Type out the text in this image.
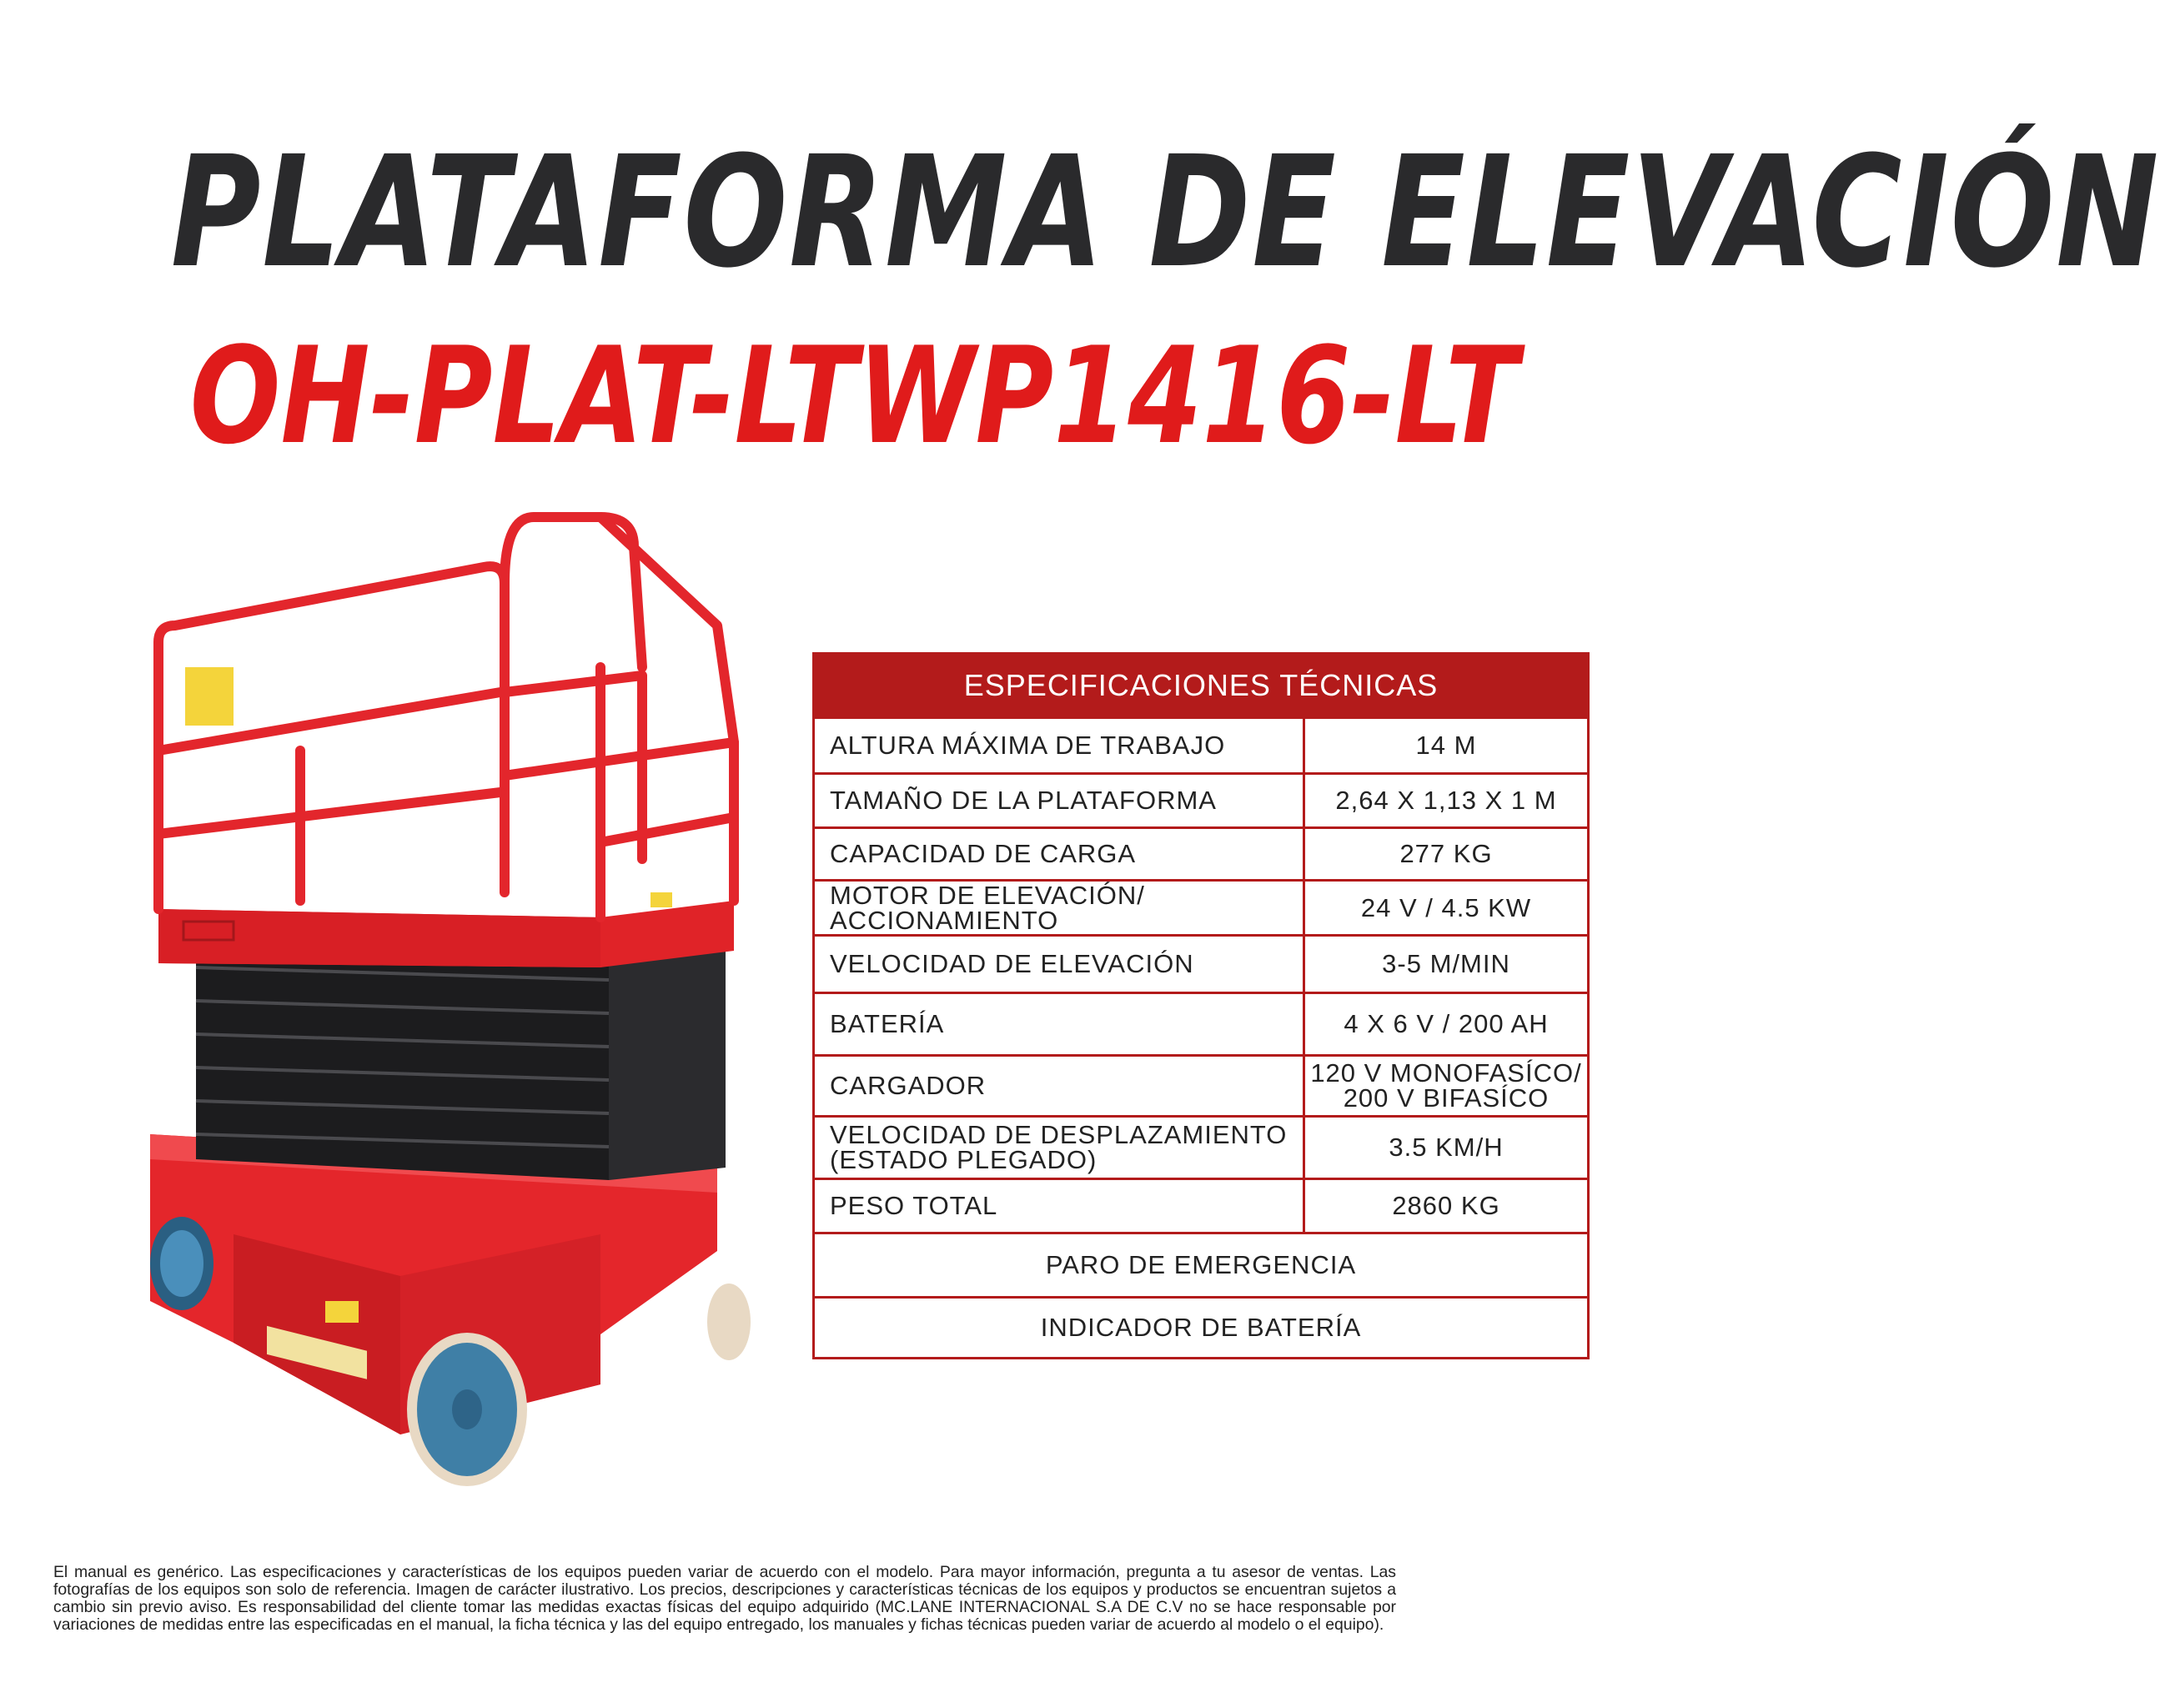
PLATAFORMA DE ELEVACIÓN
OH-PLAT-LTWP1416-LT
ESPECIFICACIONES TÉCNICAS
ALTURA MÁXIMA DE TRABAJO	14 M
TAMAÑO DE LA PLATAFORMA	2,64 X 1,13 X 1 M
CAPACIDAD DE CARGA	277 KG
MOTOR DE ELEVACIÓN/ ACCIONAMIENTO	24 V / 4.5 KW
VELOCIDAD DE ELEVACIÓN	3-5 M/MIN
BATERÍA	4 X 6 V / 200 AH
CARGADOR	120 V MONOFASÍCO/ 200 V BIFASÍCO
VELOCIDAD DE DESPLAZAMIENTO (ESTADO PLEGADO)	3.5 KM/H
PESO TOTAL	2860 KG
PARO DE EMERGENCIA
INDICADOR DE BATERÍA

El manual es genérico. Las especificaciones y características de los equipos pueden variar de acuerdo con el modelo. Para mayor información, pregunta a tu asesor de ventas. Las fotografías de los equipos son solo de referencia. Imagen de carácter ilustrativo. Los precios, descripciones y características técnicas de los equipos y productos se encuentran sujetos a cambio sin previo aviso. Es responsabilidad del cliente tomar las medidas exactas físicas del equipo adquirido (MC.LANE INTERNACIONAL S.A DE C.V no se hace responsable por variaciones de medidas entre las especificadas en el manual, la ficha técnica y las del equipo entregado, los manuales y fichas técnicas pueden variar de acuerdo al modelo o el equipo).
